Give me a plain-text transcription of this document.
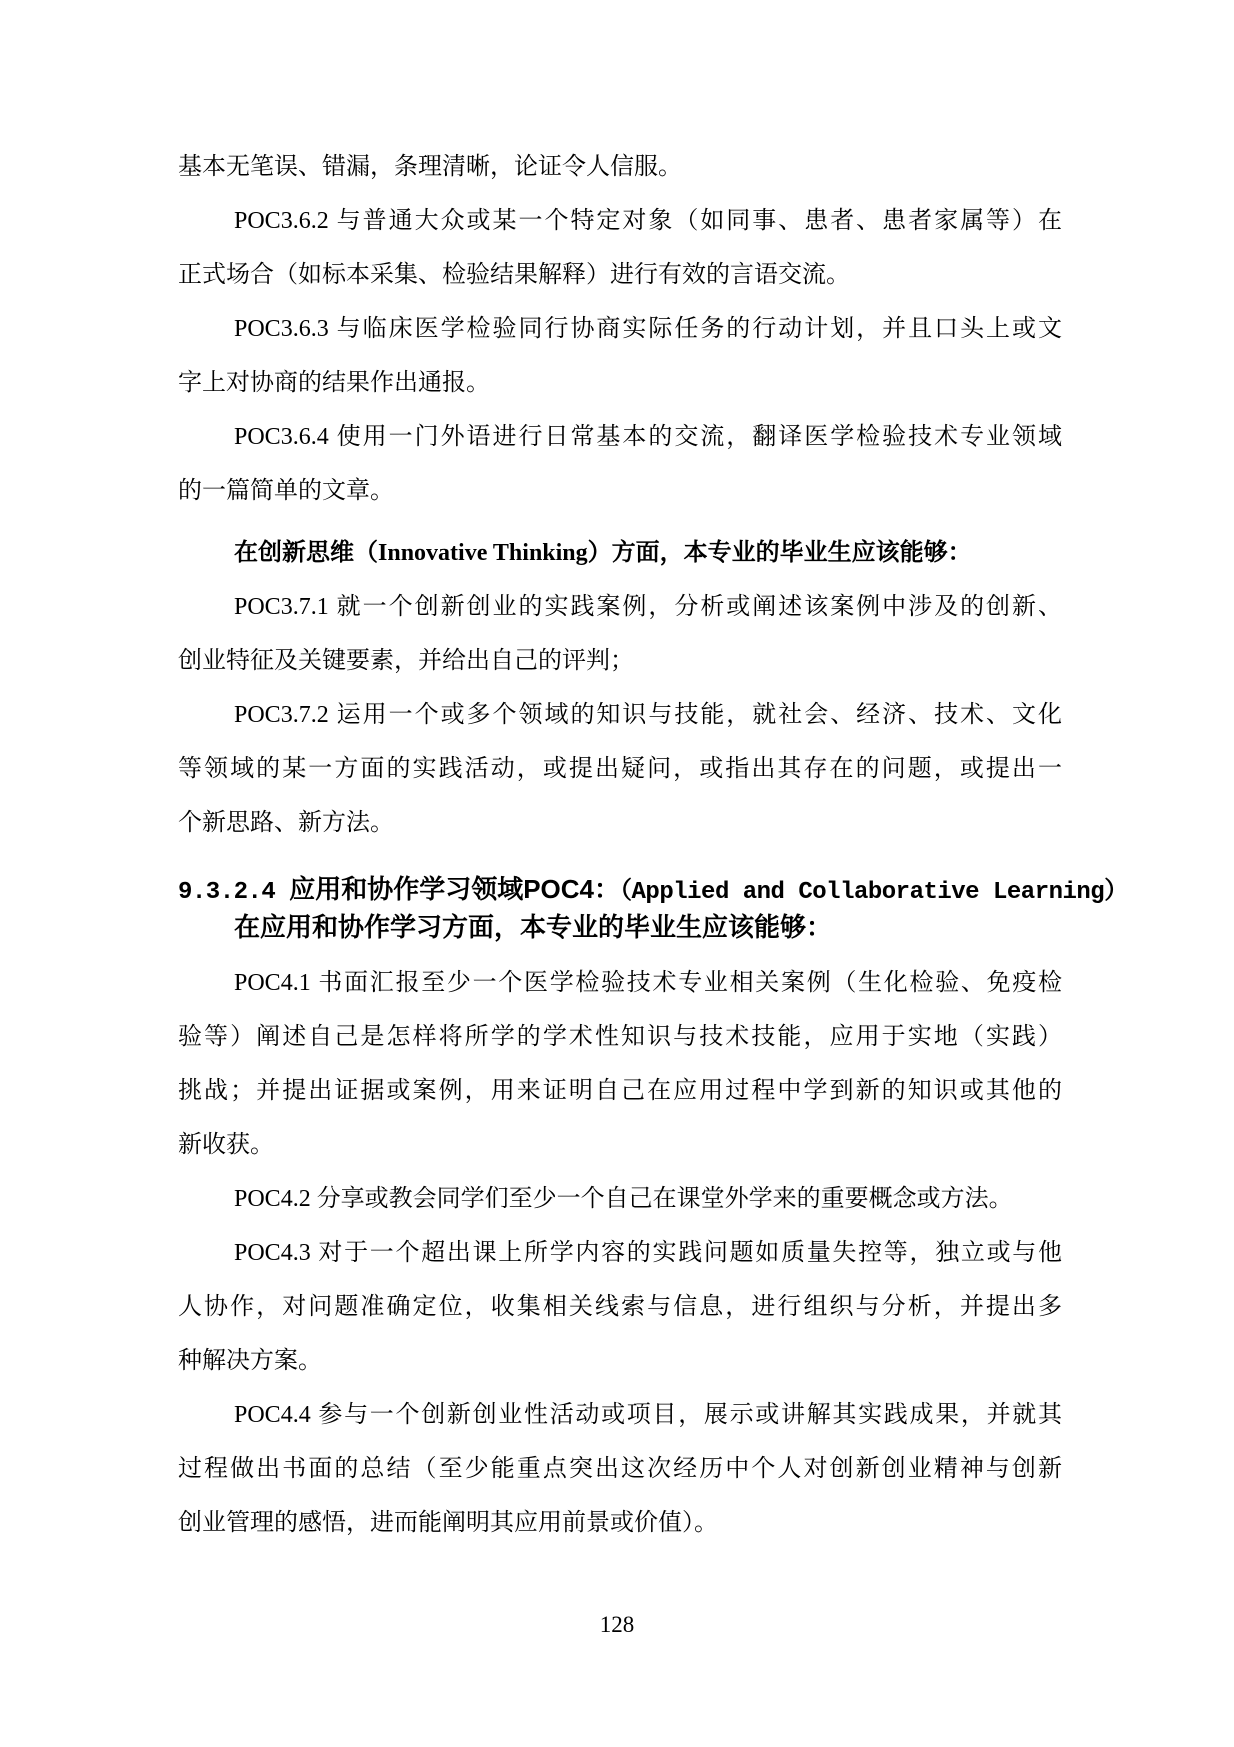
基本无笔误、错漏，条理清晰，论证令人信服。
POC3.6.2 与普通大众或某一个特定对象（如同事、患者、患者家属等）在
正式场合（如标本采集、检验结果解释）进行有效的言语交流。
POC3.6.3 与临床医学检验同行协商实际任务的行动计划，并且口头上或文
字上对协商的结果作出通报。
POC3.6.4 使用一门外语进行日常基本的交流，翻译医学检验技术专业领域
的一篇简单的文章。
在创新思维（Innovative Thinking）方面，本专业的毕业生应该能够：
POC3.7.1 就一个创新创业的实践案例，分析或阐述该案例中涉及的创新、
创业特征及关键要素，并给出自己的评判；
POC3.7.2 运用一个或多个领域的知识与技能，就社会、经济、技术、文化
等领域的某一方面的实践活动，或提出疑问，或指出其存在的问题，或提出一
个新思路、新方法。
9.3.2.4 应用和协作学习领域POC4：（Applied and Collaborative Learning）
在应用和协作学习方面，本专业的毕业生应该能够：
POC4.1 书面汇报至少一个医学检验技术专业相关案例（生化检验、免疫检
验等）阐述自己是怎样将所学的学术性知识与技术技能，应用于实地（实践）
挑战；并提出证据或案例，用来证明自己在应用过程中学到新的知识或其他的
新收获。
POC4.2 分享或教会同学们至少一个自己在课堂外学来的重要概念或方法。
POC4.3 对于一个超出课上所学内容的实践问题如质量失控等，独立或与他
人协作，对问题准确定位，收集相关线索与信息，进行组织与分析，并提出多
种解决方案。
POC4.4 参与一个创新创业性活动或项目，展示或讲解其实践成果，并就其
过程做出书面的总结（至少能重点突出这次经历中个人对创新创业精神与创新
创业管理的感悟，进而能阐明其应用前景或价值）。
128
